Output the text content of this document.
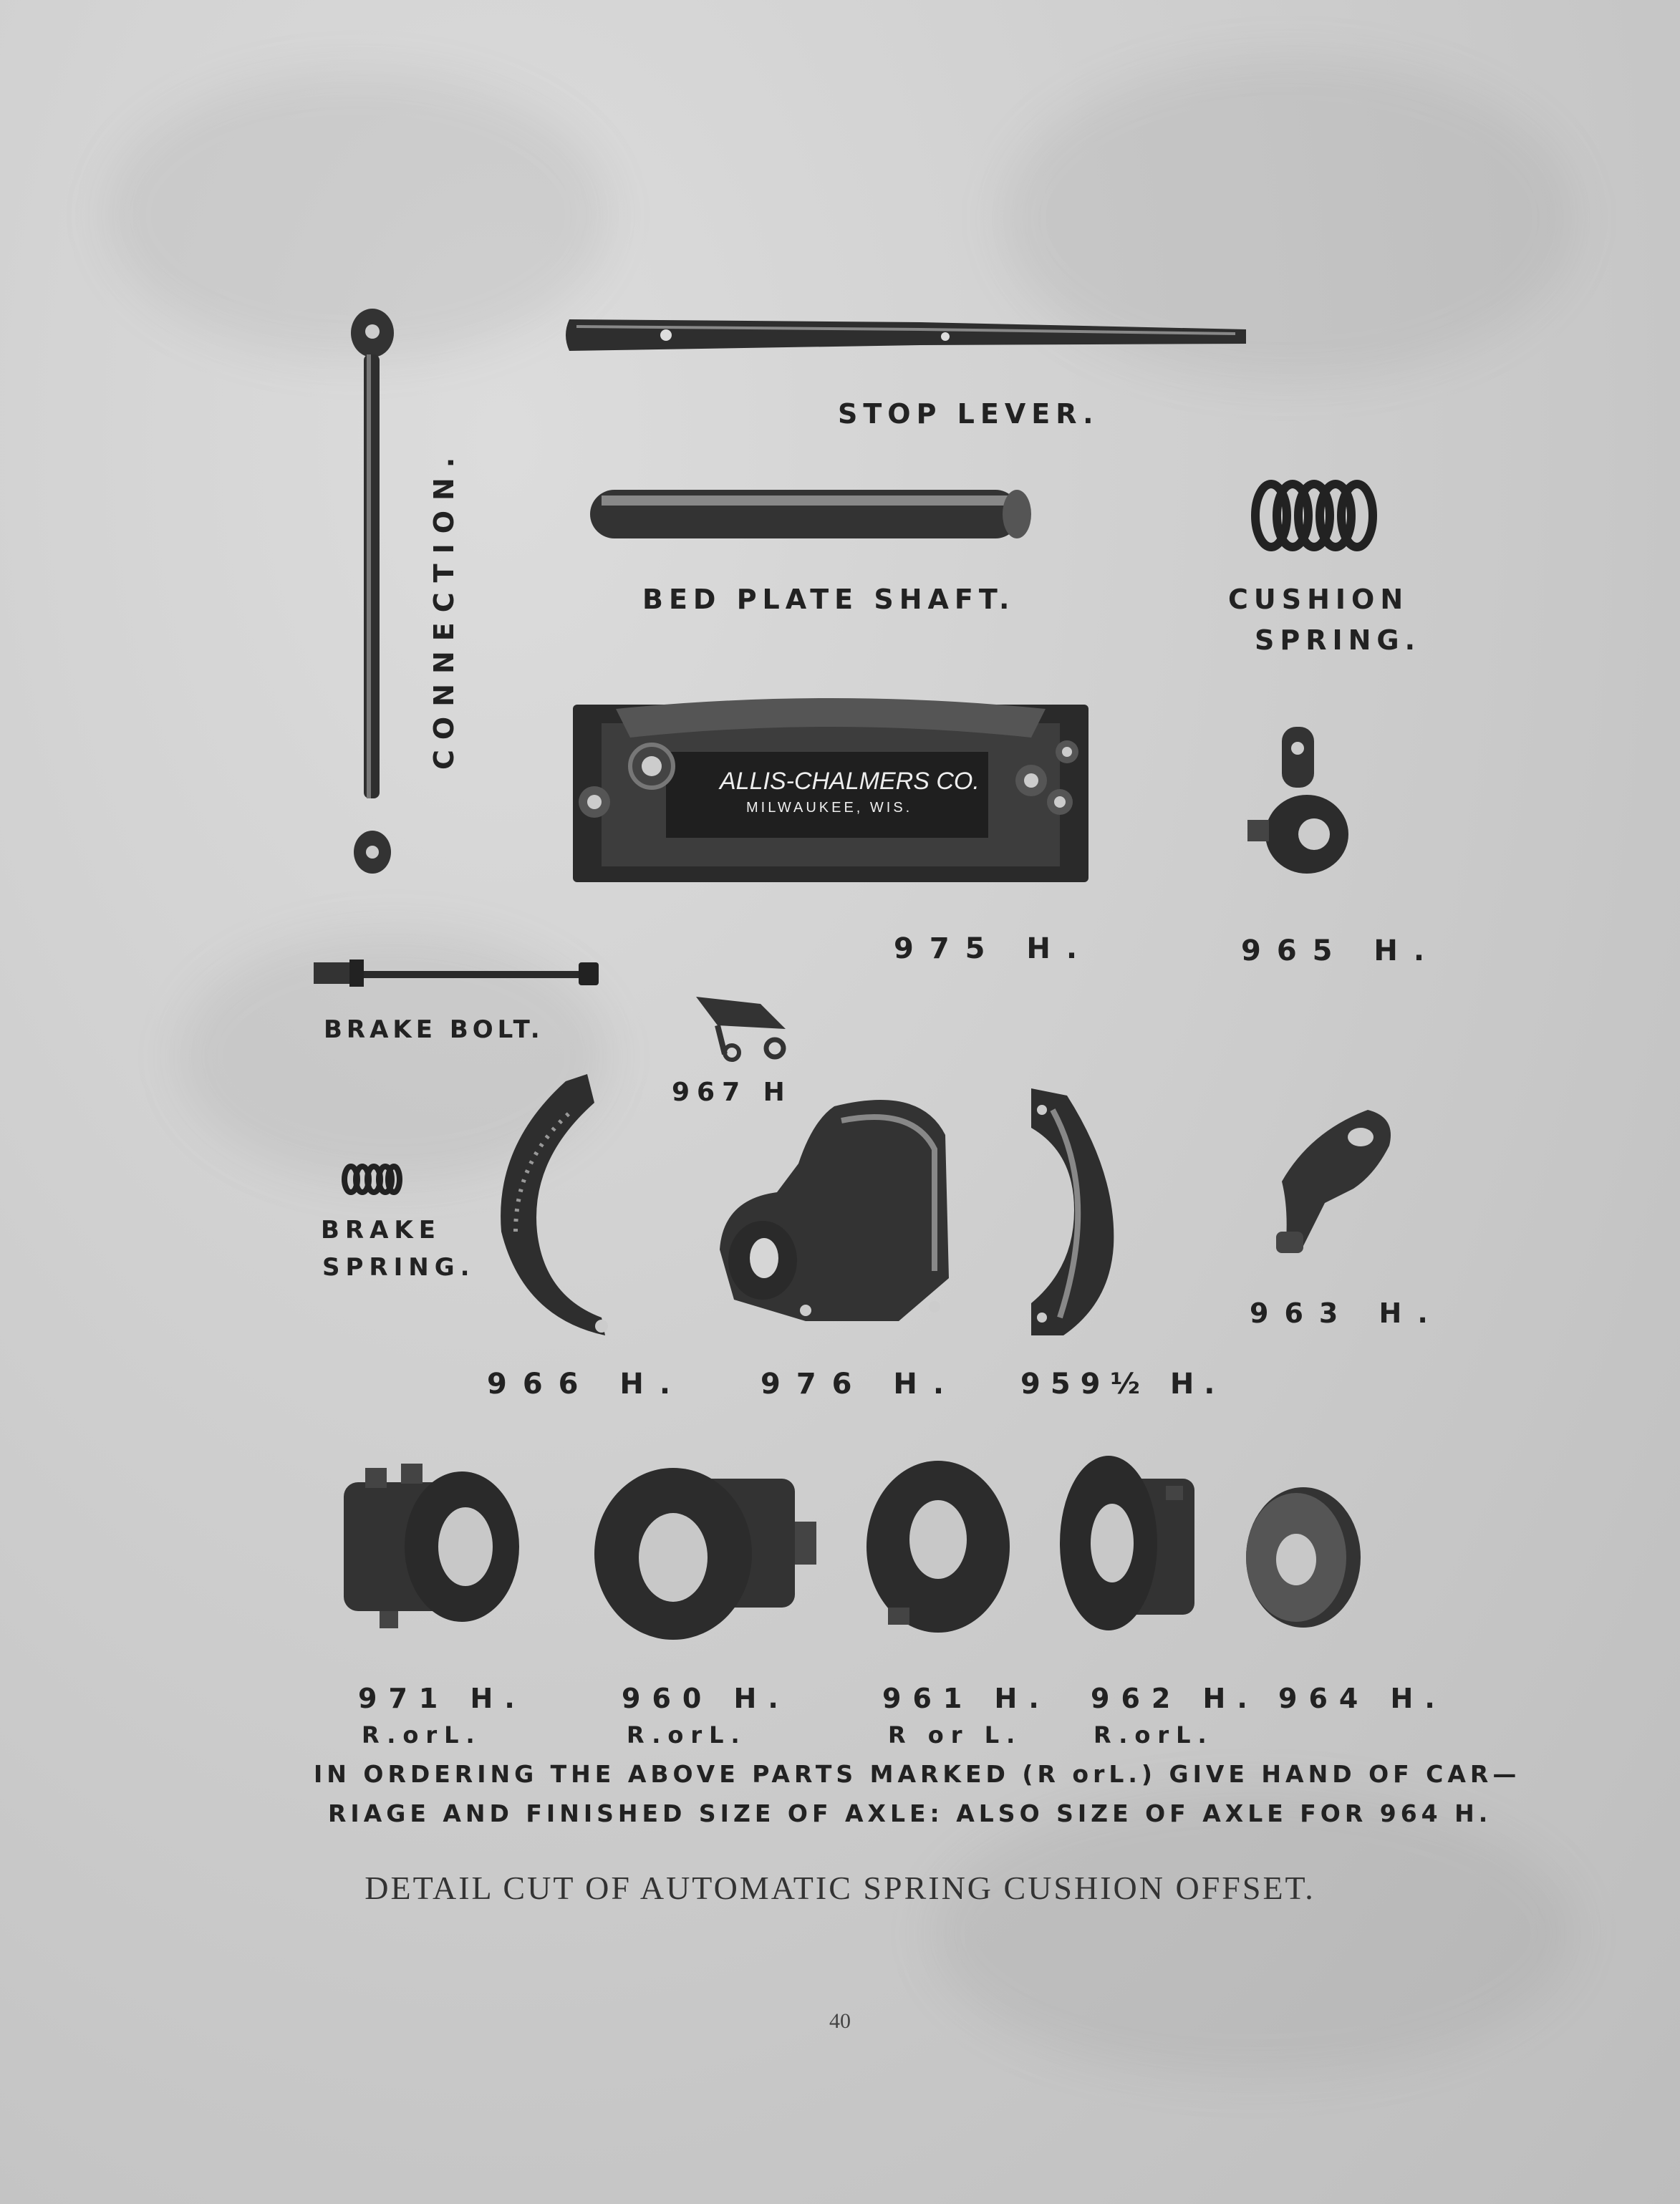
CONNECTION.
STOP LEVER.
BED PLATE SHAFT.	CUSHION
SPRING.
ALLIS-CHALMERS CO.
MILWAUKEE, WIS.
975 H.	965 H.
BRAKE BOLT.
967 H
BRAKE
SPRING.
966 H.	976 H. 959½ H.
963 H.
971 H.	960 H.	961 H. 962 H. 964 H.
R.orL.	R.orL.	R or L.	R.orL.
IN ORDERING THE ABOVE PARTS MARKED (R orL.) GIVE HAND OF CAR—
RIAGE AND FINISHED SIZE OF AXLE: ALSO SIZE OF AXLE FOR 964 H.
DETAIL CUT OF AUTOMATIC SPRING CUSHION OFFSET.
40
